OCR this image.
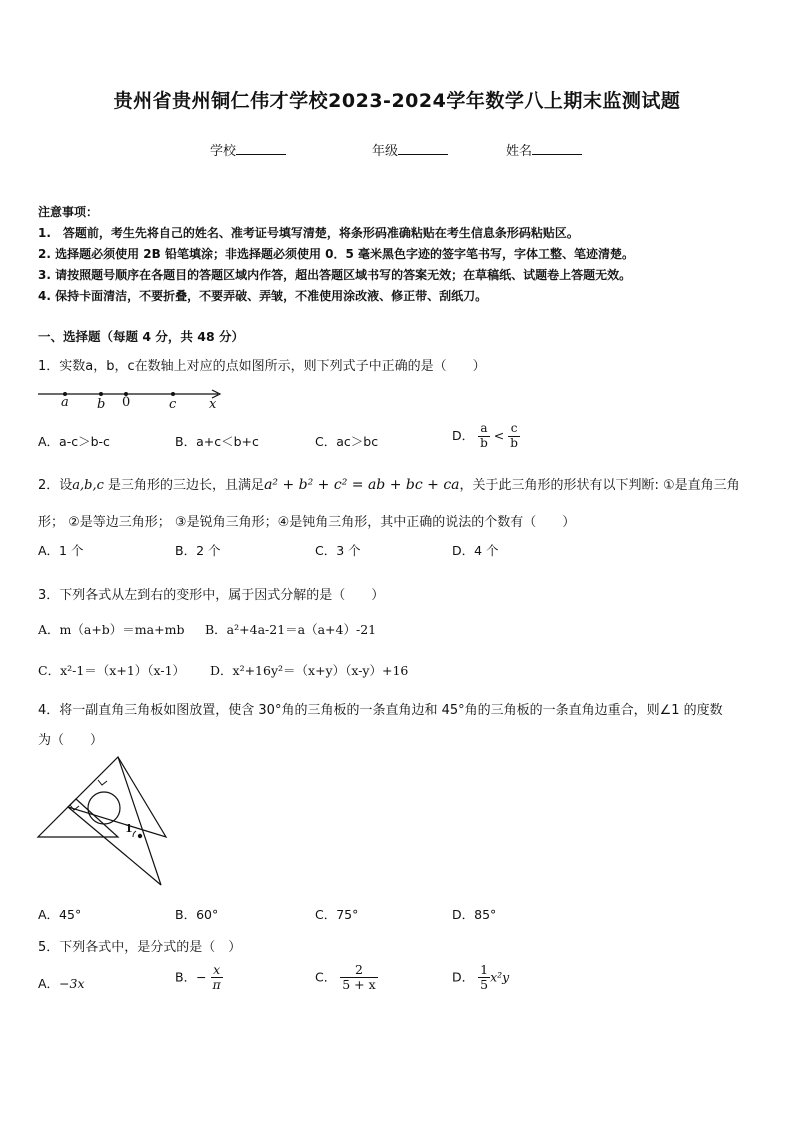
贵州省贵州铜仁伟才学校2023-2024学年数学八上期末监测试题
学校	年级	姓名
注意事项：
1.　答题前，考生先将自己的姓名、准考证号填写清楚，将条形码准确粘贴在考生信息条形码粘贴区。
2. 选择题必须使用 2B 铅笔填涂；非选择题必须使用 0．5 毫米黑色字迹的签字笔书写，字体工整、笔迹清楚。
3. 请按照题号顺序在各题目的答题区域内作答，超出答题区域书写的答案无效；在草稿纸、试题卷上答题无效。
4. 保持卡面清洁，不要折叠，不要弄破、弄皱，不准使用涂改液、修正带、刮纸刀。
一、选择题（每题 4 分，共 48 分）
1．实数a，b，c在数轴上对应的点如图所示，则下列式子中正确的是（　　）
a b 0	c	x
A．a-c＞b-c	B．a+c＜b+c	C．ac＞bc	D． $\frac{a}{b} < \frac{c}{b}$
2．设a,b,c 是三角形的三边长，且满足a² + b² + c² = ab + bc + ca，关于此三角形的形状有以下判断: ①是直角三角
形； ②是等边三角形； ③是锐角三角形；④是钝角三角形，其中正确的说法的个数有（　　）
A．1 个	B．2 个	C．3 个	D．4 个
3．下列各式从左到右的变形中，属于因式分解的是（　　）
A．m（a+b）＝ma+mb B．a²+4a-21＝a（a+4）-21
C．x²-1＝（x+1）（x-1） D．x²+16y²＝（x+y）（x-y）+16
4．将一副直角三角板如图放置，使含 30°角的三角板的一条直角边和 45°角的三角板的一条直角边重合，则∠1 的度数
为（　　）
1
A．45°	B．60°	C．75°	D．85°
5．下列各式中，是分式的是（　）
A．−3x	B．− $\frac{x}{\pi}$	C． $\frac{2}{5 + x}$	D． $\frac{1}{5} x^2y$
